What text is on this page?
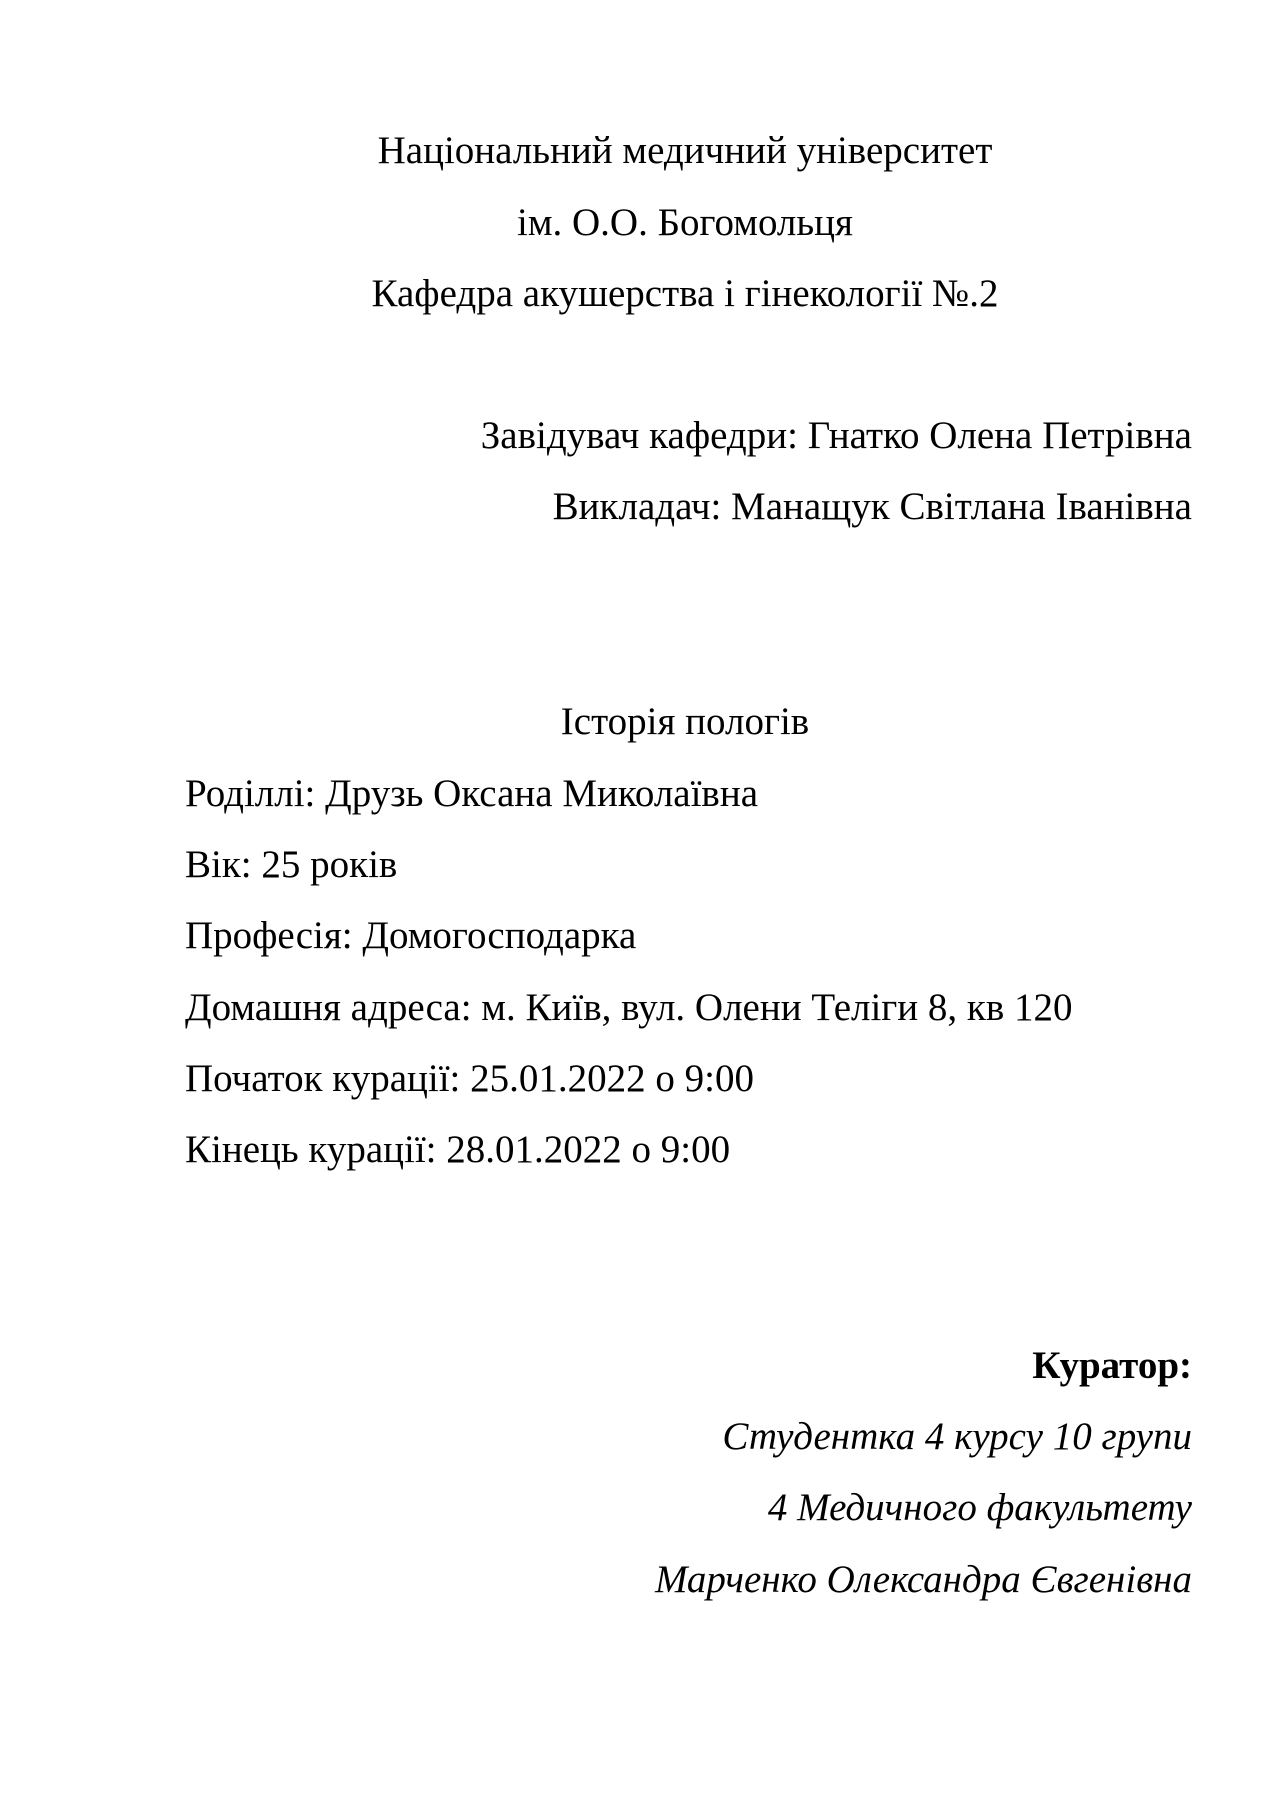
Національний медичний університет
ім. О.О. Богомольця
Кафедра акушерства і гінекології №.2
Завідувач кафедри: Гнатко Олена Петрівна
Викладач: Манащук Світлана Іванівна
Історія пологів
Роділлі: Друзь Оксана Миколаївна
Вік: 25 років
Професія: Домогосподарка
Домашня адреса: м. Київ, вул. Олени Теліги 8, кв 120
Початок курації: 25.01.2022 о 9:00
Кінець курації: 28.01.2022 о 9:00
Куратор:
Студентка 4 курсу 10 групи
4 Медичного факультету
Марченко Олександра Євгенівна
